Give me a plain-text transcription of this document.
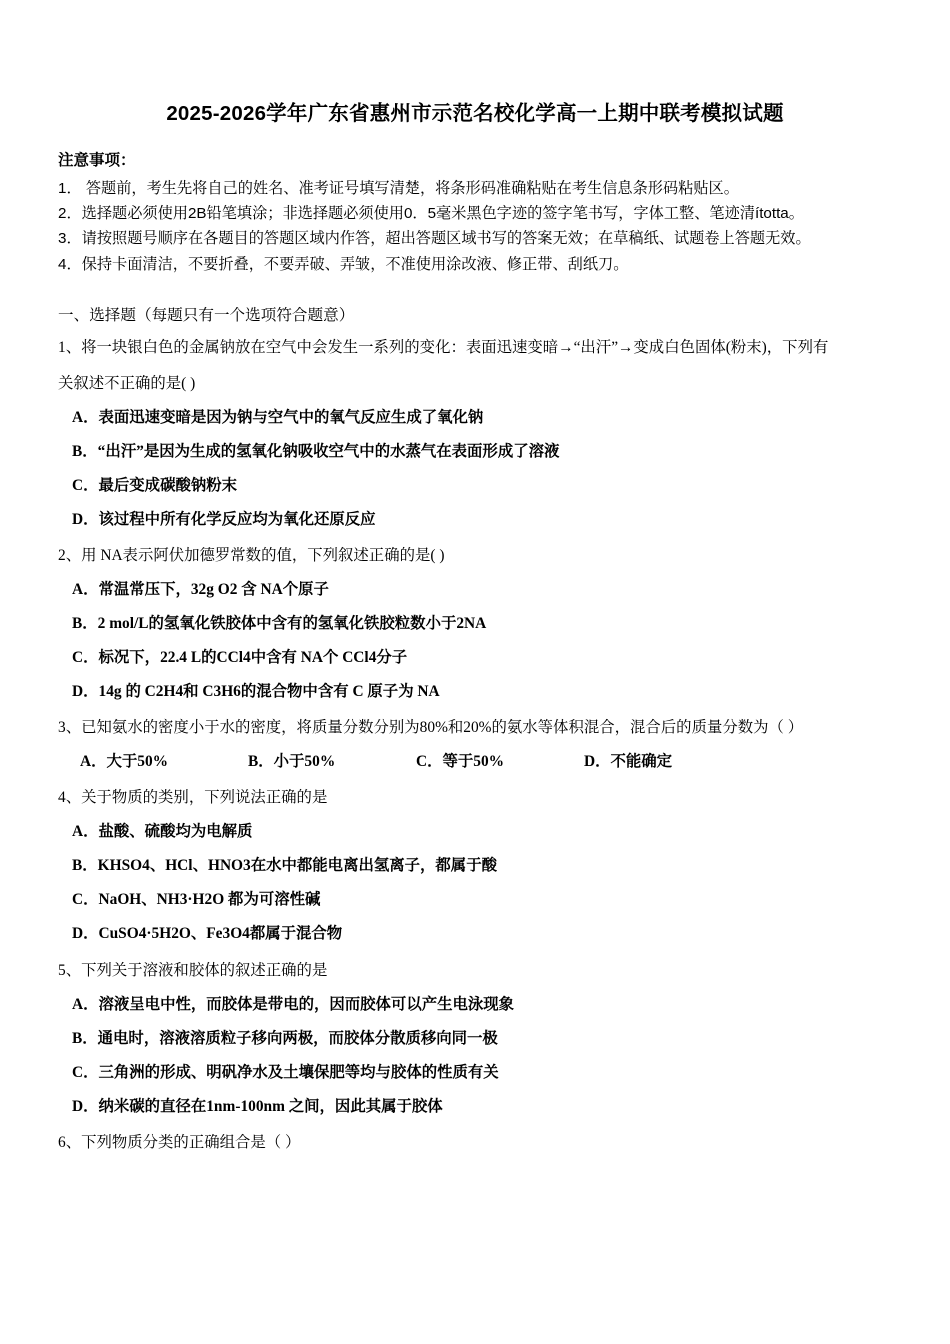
2025-2026学年广东省惠州市示范名校化学高一上期中联考模拟试题
注意事项：
1． 答题前，考生先将自己的姓名、准考证号填写清楚，将条形码准确粘贴在考生信息条形码粘贴区。
2．选择题必须使用2B铅笔填涂；非选择题必须使用0．5毫米黑色字迹的签字笔书写，字体工整、笔迹清ította。
3．请按照题号顺序在各题目的答题区域内作答，超出答题区域书写的答案无效；在草稿纸、试题卷上答题无效。
4．保持卡面清洁，不要折叠，不要弄破、弄皱，不准使用涂改液、修正带、刮纸刀。
一、选择题（每题只有一个选项符合题意）
1、将一块银白色的金属钠放在空气中会发生一系列的变化：表面迅速变暗→“出汗”→变成白色固体(粉末)，下列有
关叙述不正确的是( )
A．表面迅速变暗是因为钠与空气中的氧气反应生成了氧化钠
B．“出汗”是因为生成的氢氧化钠吸收空气中的水蒸气在表面形成了溶液
C．最后变成碳酸钠粉末
D．该过程中所有化学反应均为氧化还原反应
2、用 NA表示阿伏加德罗常数的值，下列叙述正确的是( )
A．常温常压下，32g O2 含 NA个原子
B．2 mol/L的氢氧化铁胶体中含有的氢氧化铁胶粒数小于2NA
C．标况下，22.4 L的CCl4中含有 NA个 CCl4分子
D．14g 的 C2H4和 C3H6的混合物中含有 C 原子为 NA
3、已知氨水的密度小于水的密度，将质量分数分别为80%和20%的氨水等体积混合，混合后的质量分数为（ ）
A．大于50%	B．小于50%	C．等于50%	D．不能确定
4、关于物质的类别，下列说法正确的是
A．盐酸、硫酸均为电解质
B．KHSO4、HCl、HNO3在水中都能电离出氢离子，都属于酸
C．NaOH、NH3·H2O 都为可溶性碱
D．CuSO4·5H2O、Fe3O4都属于混合物
5、下列关于溶液和胶体的叙述正确的是
A．溶液呈电中性，而胶体是带电的，因而胶体可以产生电泳现象
B．通电时，溶液溶质粒子移向两极，而胶体分散质移向同一极
C．三角洲的形成、明矾净水及土壤保肥等均与胶体的性质有关
D．纳米碳的直径在1nm-100nm 之间，因此其属于胶体
6、下列物质分类的正确组合是（ ）
